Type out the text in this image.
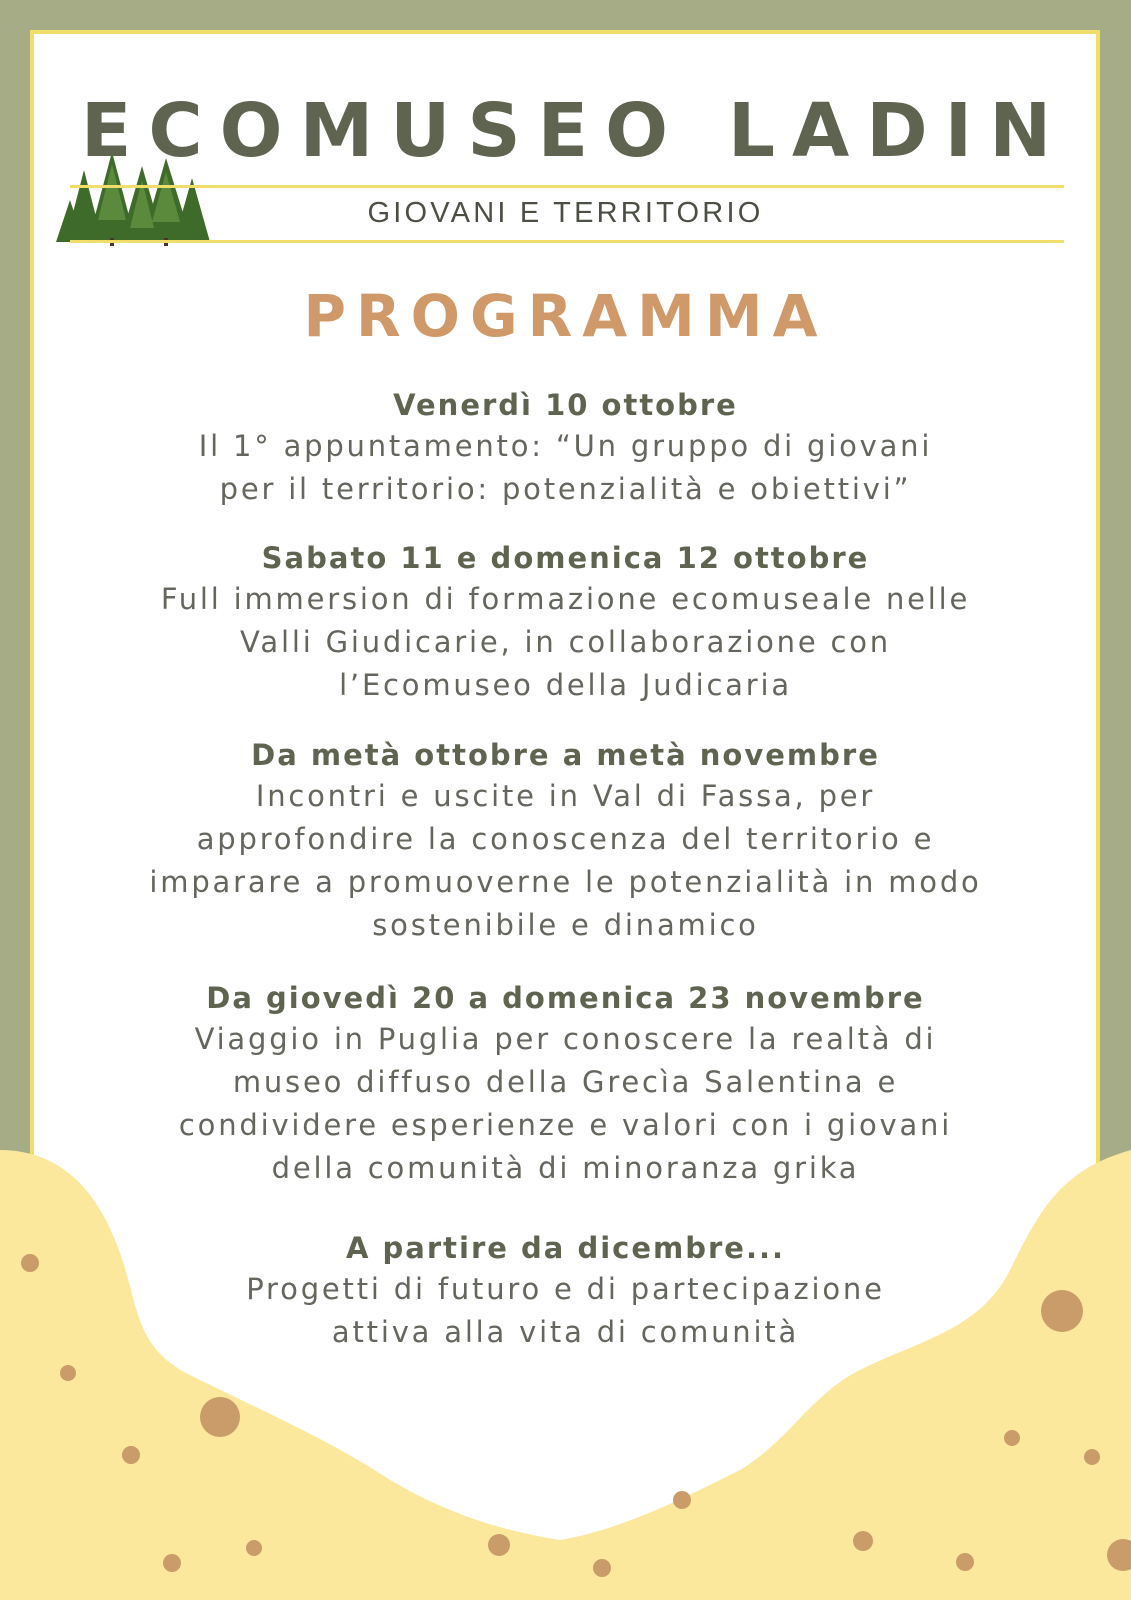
ECOMUSEO LADIN
GIOVANI E TERRITORIO
PROGRAMMA
Venerdì 10 ottobre
Il 1° appuntamento: “Un gruppo di giovani
per il territorio: potenzialità e obiettivi”
Sabato 11 e domenica 12 ottobre
Full immersion di formazione ecomuseale nelle
Valli Giudicarie, in collaborazione con
l’Ecomuseo della Judicaria
Da metà ottobre a metà novembre
Incontri e uscite in Val di Fassa, per
approfondire la conoscenza del territorio e
imparare a promuoverne le potenzialità in modo
sostenibile e dinamico
Da giovedì 20 a domenica 23 novembre
Viaggio in Puglia per conoscere la realtà di
museo diffuso della Grecìa Salentina e
condividere esperienze e valori con i giovani
della comunità di minoranza grika
A partire da dicembre...
Progetti di futuro e di partecipazione
attiva alla vita di comunità
